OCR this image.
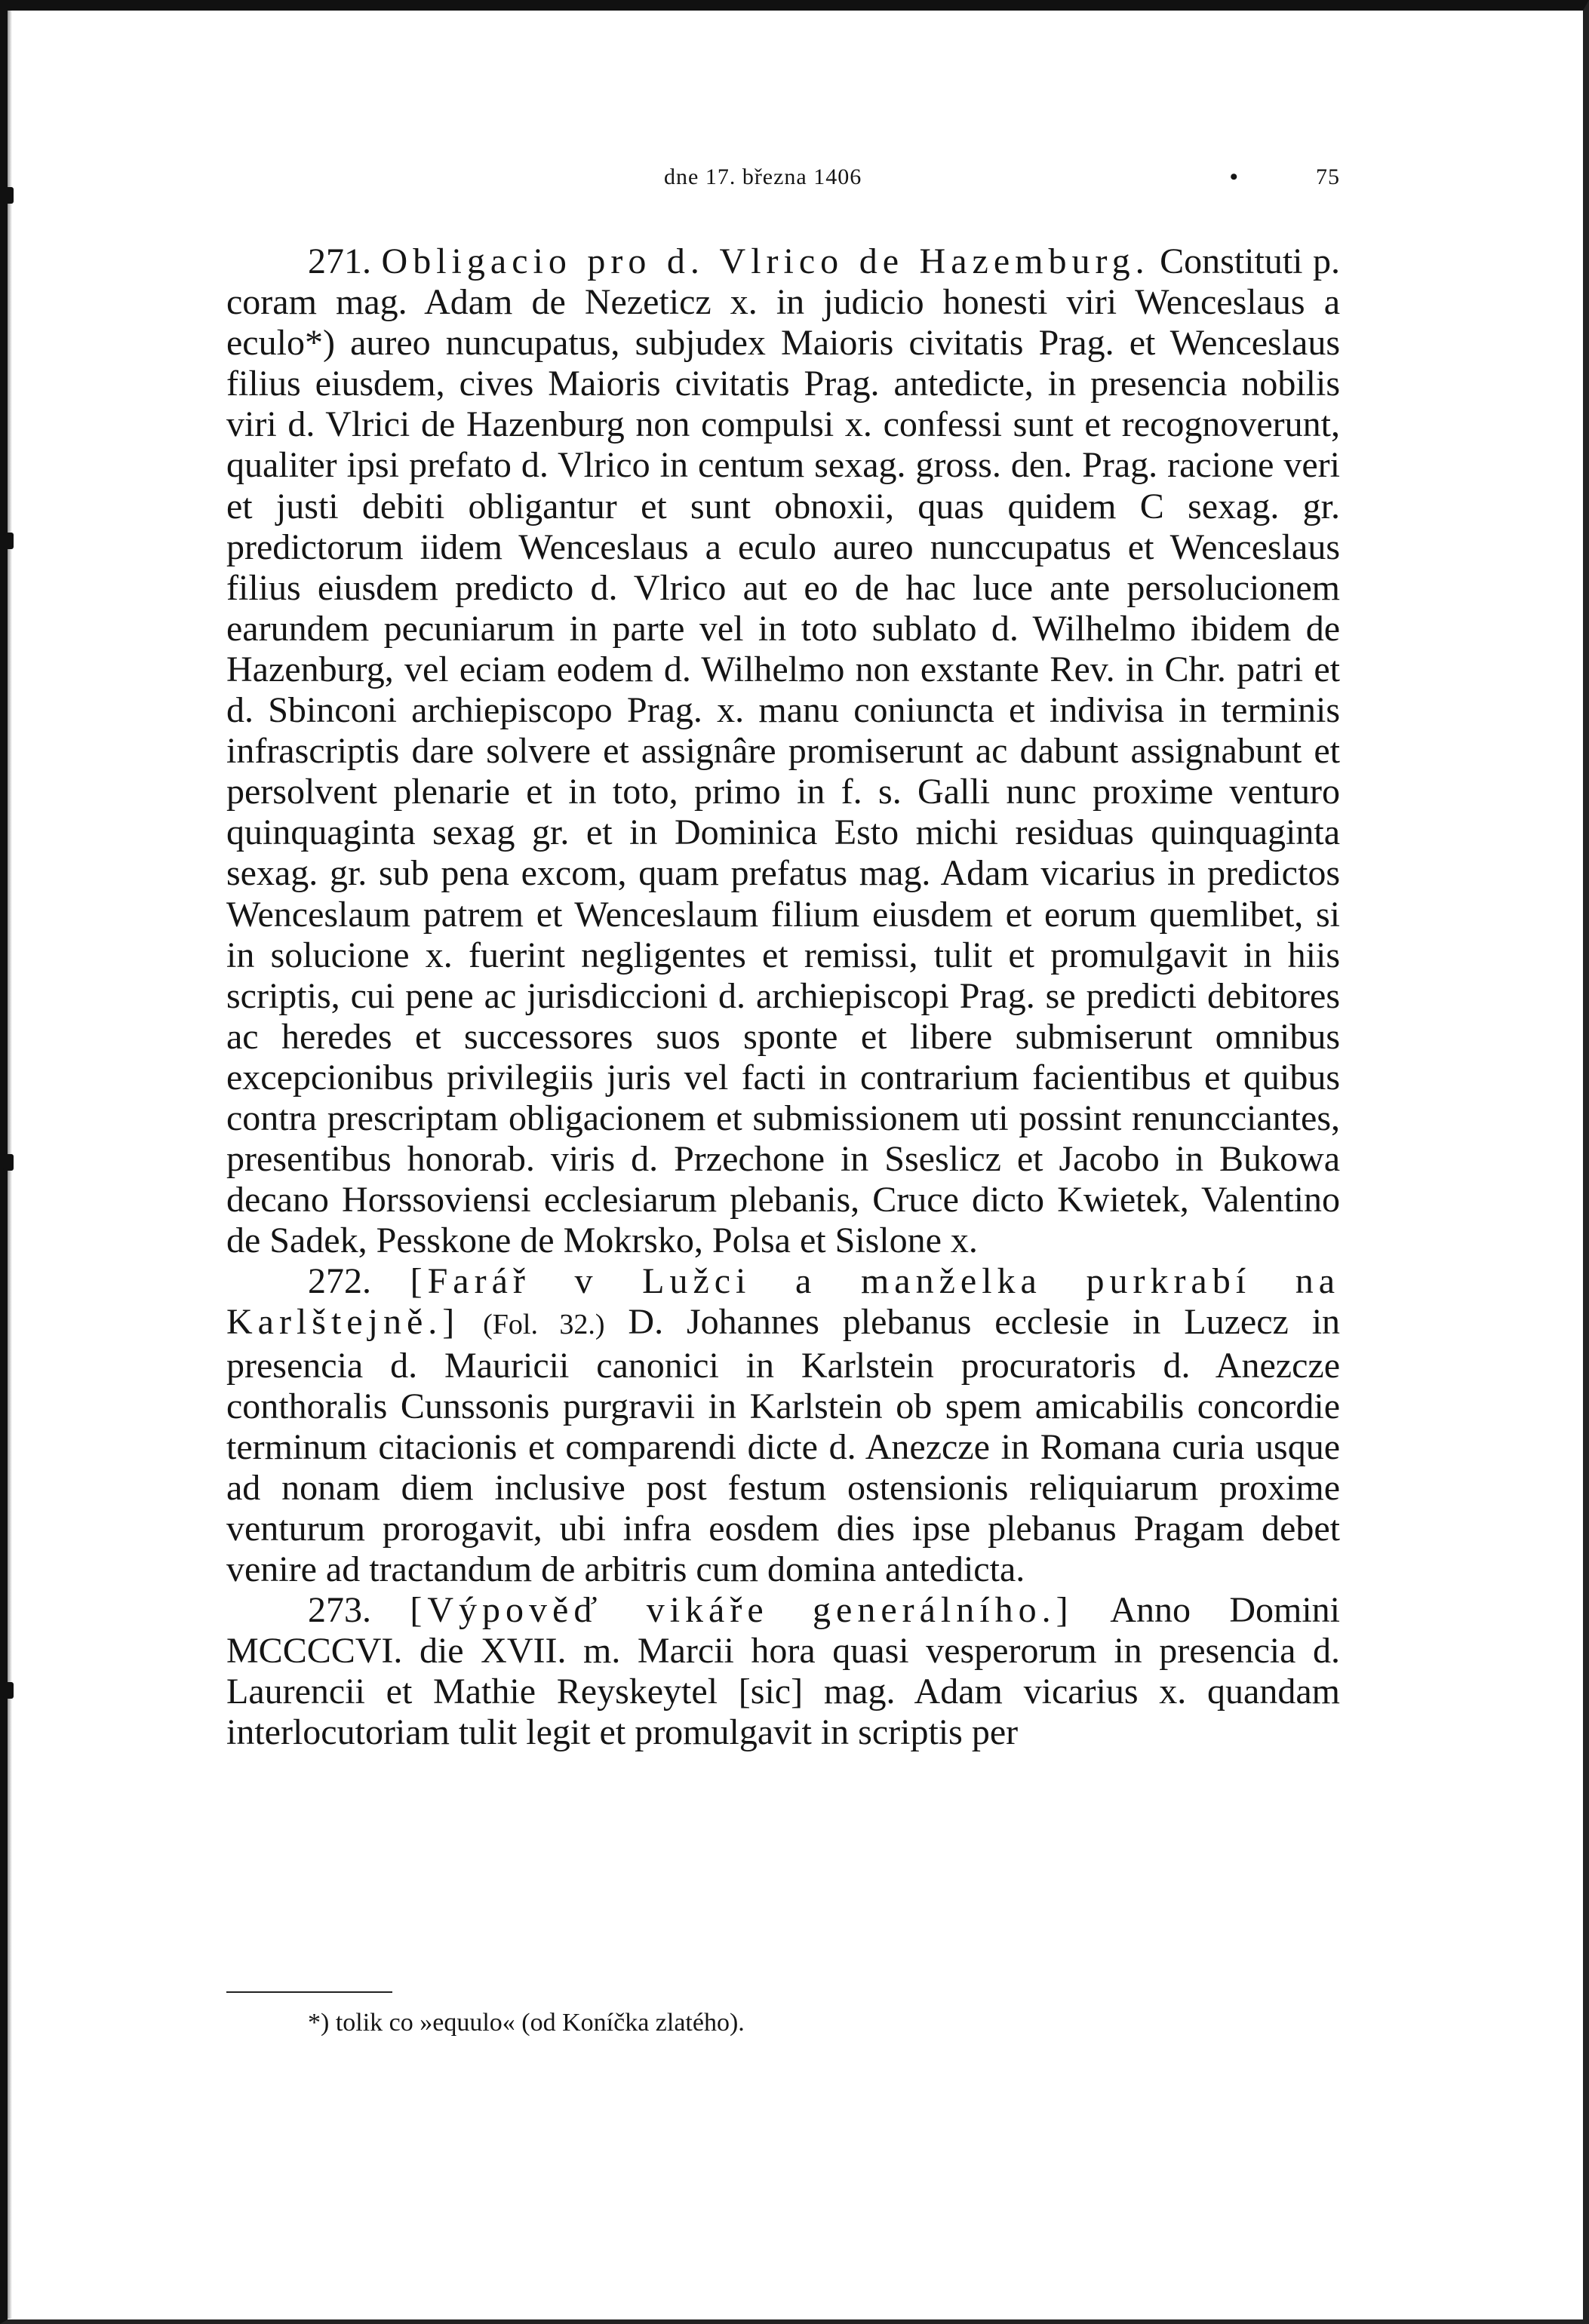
dne 17. března 1406	•	75

271. Obligacio pro d. Vlrico de Hazemburg. Constituti p. coram mag. Adam de Nezeticz x. in judicio honesti viri Wenceslaus a eculo*) aureo nuncupatus, subjudex Maioris civitatis Prag. et Wenceslaus filius eiusdem, cives Maioris civitatis Prag. antedicte, in presencia nobilis viri d. Vlrici de Hazenburg non compulsi x. confessi sunt et recognoverunt, qualiter ipsi prefato d. Vlrico in centum sexag. gross. den. Prag. racione veri et justi debiti obligantur et sunt obnoxii, quas quidem C sexag. gr. predictorum iidem Wenceslaus a eculo aureo nunccupatus et Wenceslaus filius eiusdem predicto d. Vlrico aut eo de hac luce ante persolucionem earundem pecuniarum in parte vel in toto sublato d. Wilhelmo ibidem de Hazenburg, vel eciam eodem d. Wilhelmo non exstante Rev. in Chr. patri et d. Sbinconi archiepiscopo Prag. x. manu coniuncta et indivisa in terminis infrascriptis dare solvere et assignâre promiserunt ac dabunt assignabunt et persolvent plenarie et in toto, primo in f. s. Galli nunc proxime venturo quinquaginta sexag gr. et in Dominica Esto michi residuas quinquaginta sexag. gr. sub pena excom, quam prefatus mag. Adam vicarius in predictos Wenceslaum patrem et Wenceslaum filium eiusdem et eorum quemlibet, si in solucione x. fuerint negligentes et remissi, tulit et promulgavit in hiis scriptis, cui pene ac jurisdiccioni d. archiepiscopi Prag. se predicti debitores ac heredes et successores suos sponte et libere submiserunt omnibus excepcionibus privilegiis juris vel facti in contrarium facientibus et quibus contra prescriptam obligacionem et submissionem uti possint renuncciantes, presentibus honorab. viris d. Przechone in Sseslicz et Jacobo in Bukowa decano Horssoviensi ecclesiarum plebanis, Cruce dicto Kwietek, Valentino de Sadek, Pesskone de Mokrsko, Polsa et Sislone x.

272. [Farář v Lužci a manželka purkrabí na Karlštejně.] (Fol. 32.) D. Johannes plebanus ecclesie in Luzecz in presencia d. Mauricii canonici in Karlstein procuratoris d. Anezcze conthoralis Cunssonis purgravii in Karlstein ob spem amicabilis concordie terminum citacionis et comparendi dicte d. Anezcze in Romana curia usque ad nonam diem inclusive post festum ostensionis reliquiarum proxime venturum prorogavit, ubi infra eosdem dies ipse plebanus Pragam debet venire ad tractandum de arbitris cum domina antedicta.

273. [Výpověď vikáře generálního.] Anno Domini MCCCCVI. die XVII. m. Marcii hora quasi vesperorum in presencia d. Laurencii et Mathie Reyskeytel [sic] mag. Adam vicarius x. quandam interlocutoriam tulit legit et promulgavit in scriptis per

*) tolik co »equulo« (od Koníčka zlatého).
